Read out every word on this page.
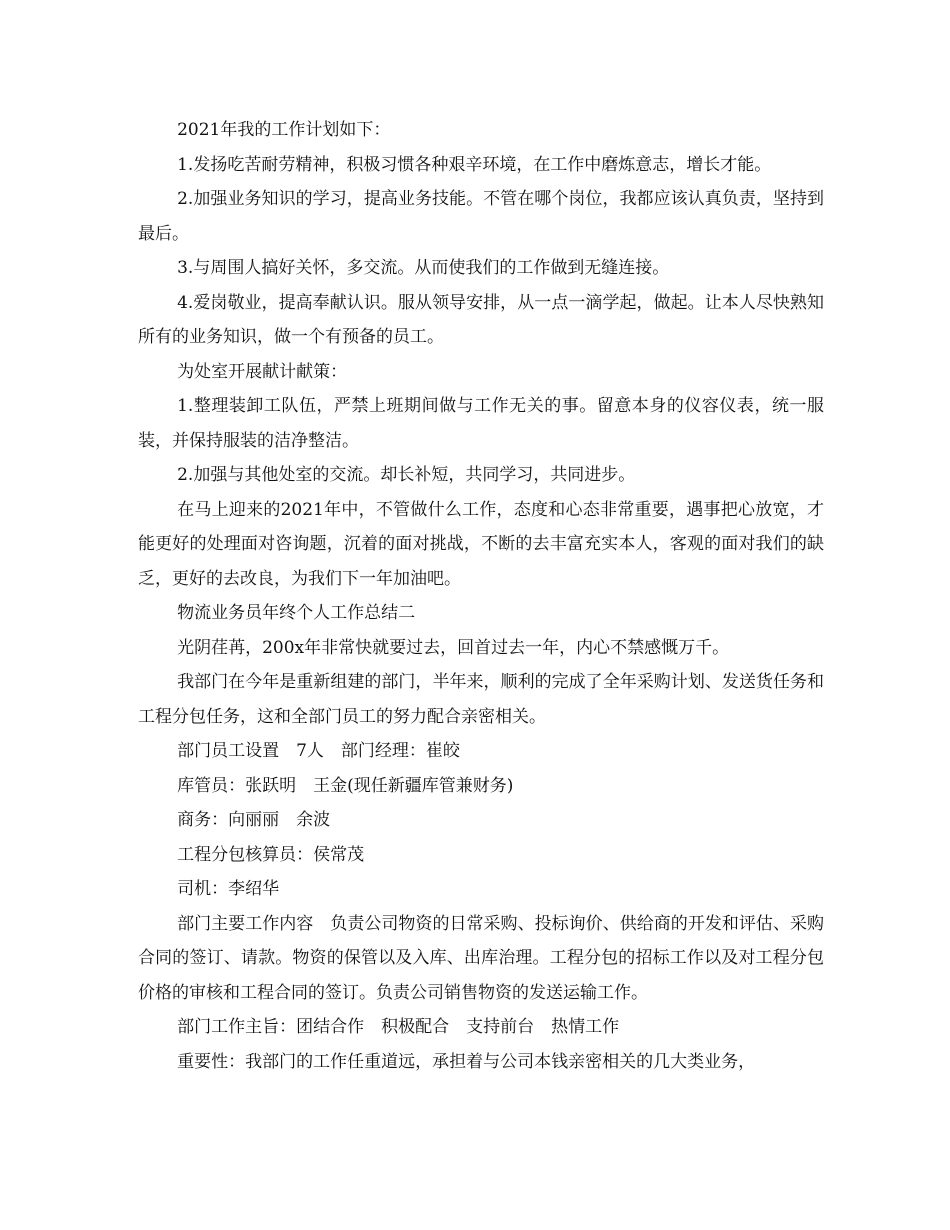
2021年我的工作计划如下：

1.发扬吃苦耐劳精神，积极习惯各种艰辛环境，在工作中磨炼意志，增长才能。

2.加强业务知识的学习，提高业务技能。不管在哪个岗位，我都应该认真负责，坚持到最后。

3.与周围人搞好关怀，多交流。从而使我们的工作做到无缝连接。

4.爱岗敬业，提高奉献认识。服从领导安排，从一点一滴学起，做起。让本人尽快熟知所有的业务知识，做一个有预备的员工。

为处室开展献计献策：

1.整理装卸工队伍，严禁上班期间做与工作无关的事。留意本身的仪容仪表，统一服装，并保持服装的洁净整洁。

2.加强与其他处室的交流。却长补短，共同学习，共同进步。

在马上迎来的2021年中，不管做什么工作，态度和心态非常重要，遇事把心放宽，才能更好的处理面对咨询题，沉着的面对挑战，不断的去丰富充实本人，客观的面对我们的缺乏，更好的去改良，为我们下一年加油吧。

物流业务员年终个人工作总结二

光阴荏苒，200x年非常快就要过去，回首过去一年，内心不禁感慨万千。

我部门在今年是重新组建的部门，半年来，顺利的完成了全年采购计划、发送货任务和工程分包任务，这和全部门员工的努力配合亲密相关。

部门员工设置　7人　部门经理：崔皎

库管员：张跃明　王金(现任新疆库管兼财务)

商务：向丽丽　余波

工程分包核算员：侯常茂

司机：李绍华

部门主要工作内容　负责公司物资的日常采购、投标询价、供给商的开发和评估、采购合同的签订、请款。物资的保管以及入库、出库治理。工程分包的招标工作以及对工程分包价格的审核和工程合同的签订。负责公司销售物资的发送运输工作。

部门工作主旨：团结合作　积极配合　支持前台　热情工作

重要性：我部门的工作任重道远，承担着与公司本钱亲密相关的几大类业务，
